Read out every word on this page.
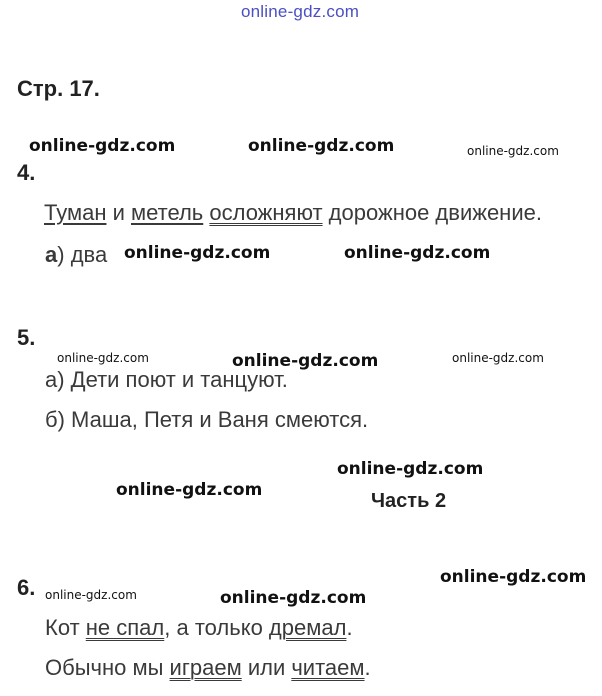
online-gdz.com
Стр. 17.
online-gdz.com	online-gdz.com	online-gdz.com
4.
Туман и метель осложняют дорожное движение.
а) два online-gdz.com	online-gdz.com
5.
online-gdz.com	online-gdz.com	online-gdz.com
а) Дети поют и танцуют.
б) Маша, Петя и Ваня смеются.
online-gdz.com
online-gdz.com	Часть 2
online-gdz.com
6. online-gdz.com	online-gdz.com
Кот не спал, а только дремал.
Обычно мы играем или читаем.
